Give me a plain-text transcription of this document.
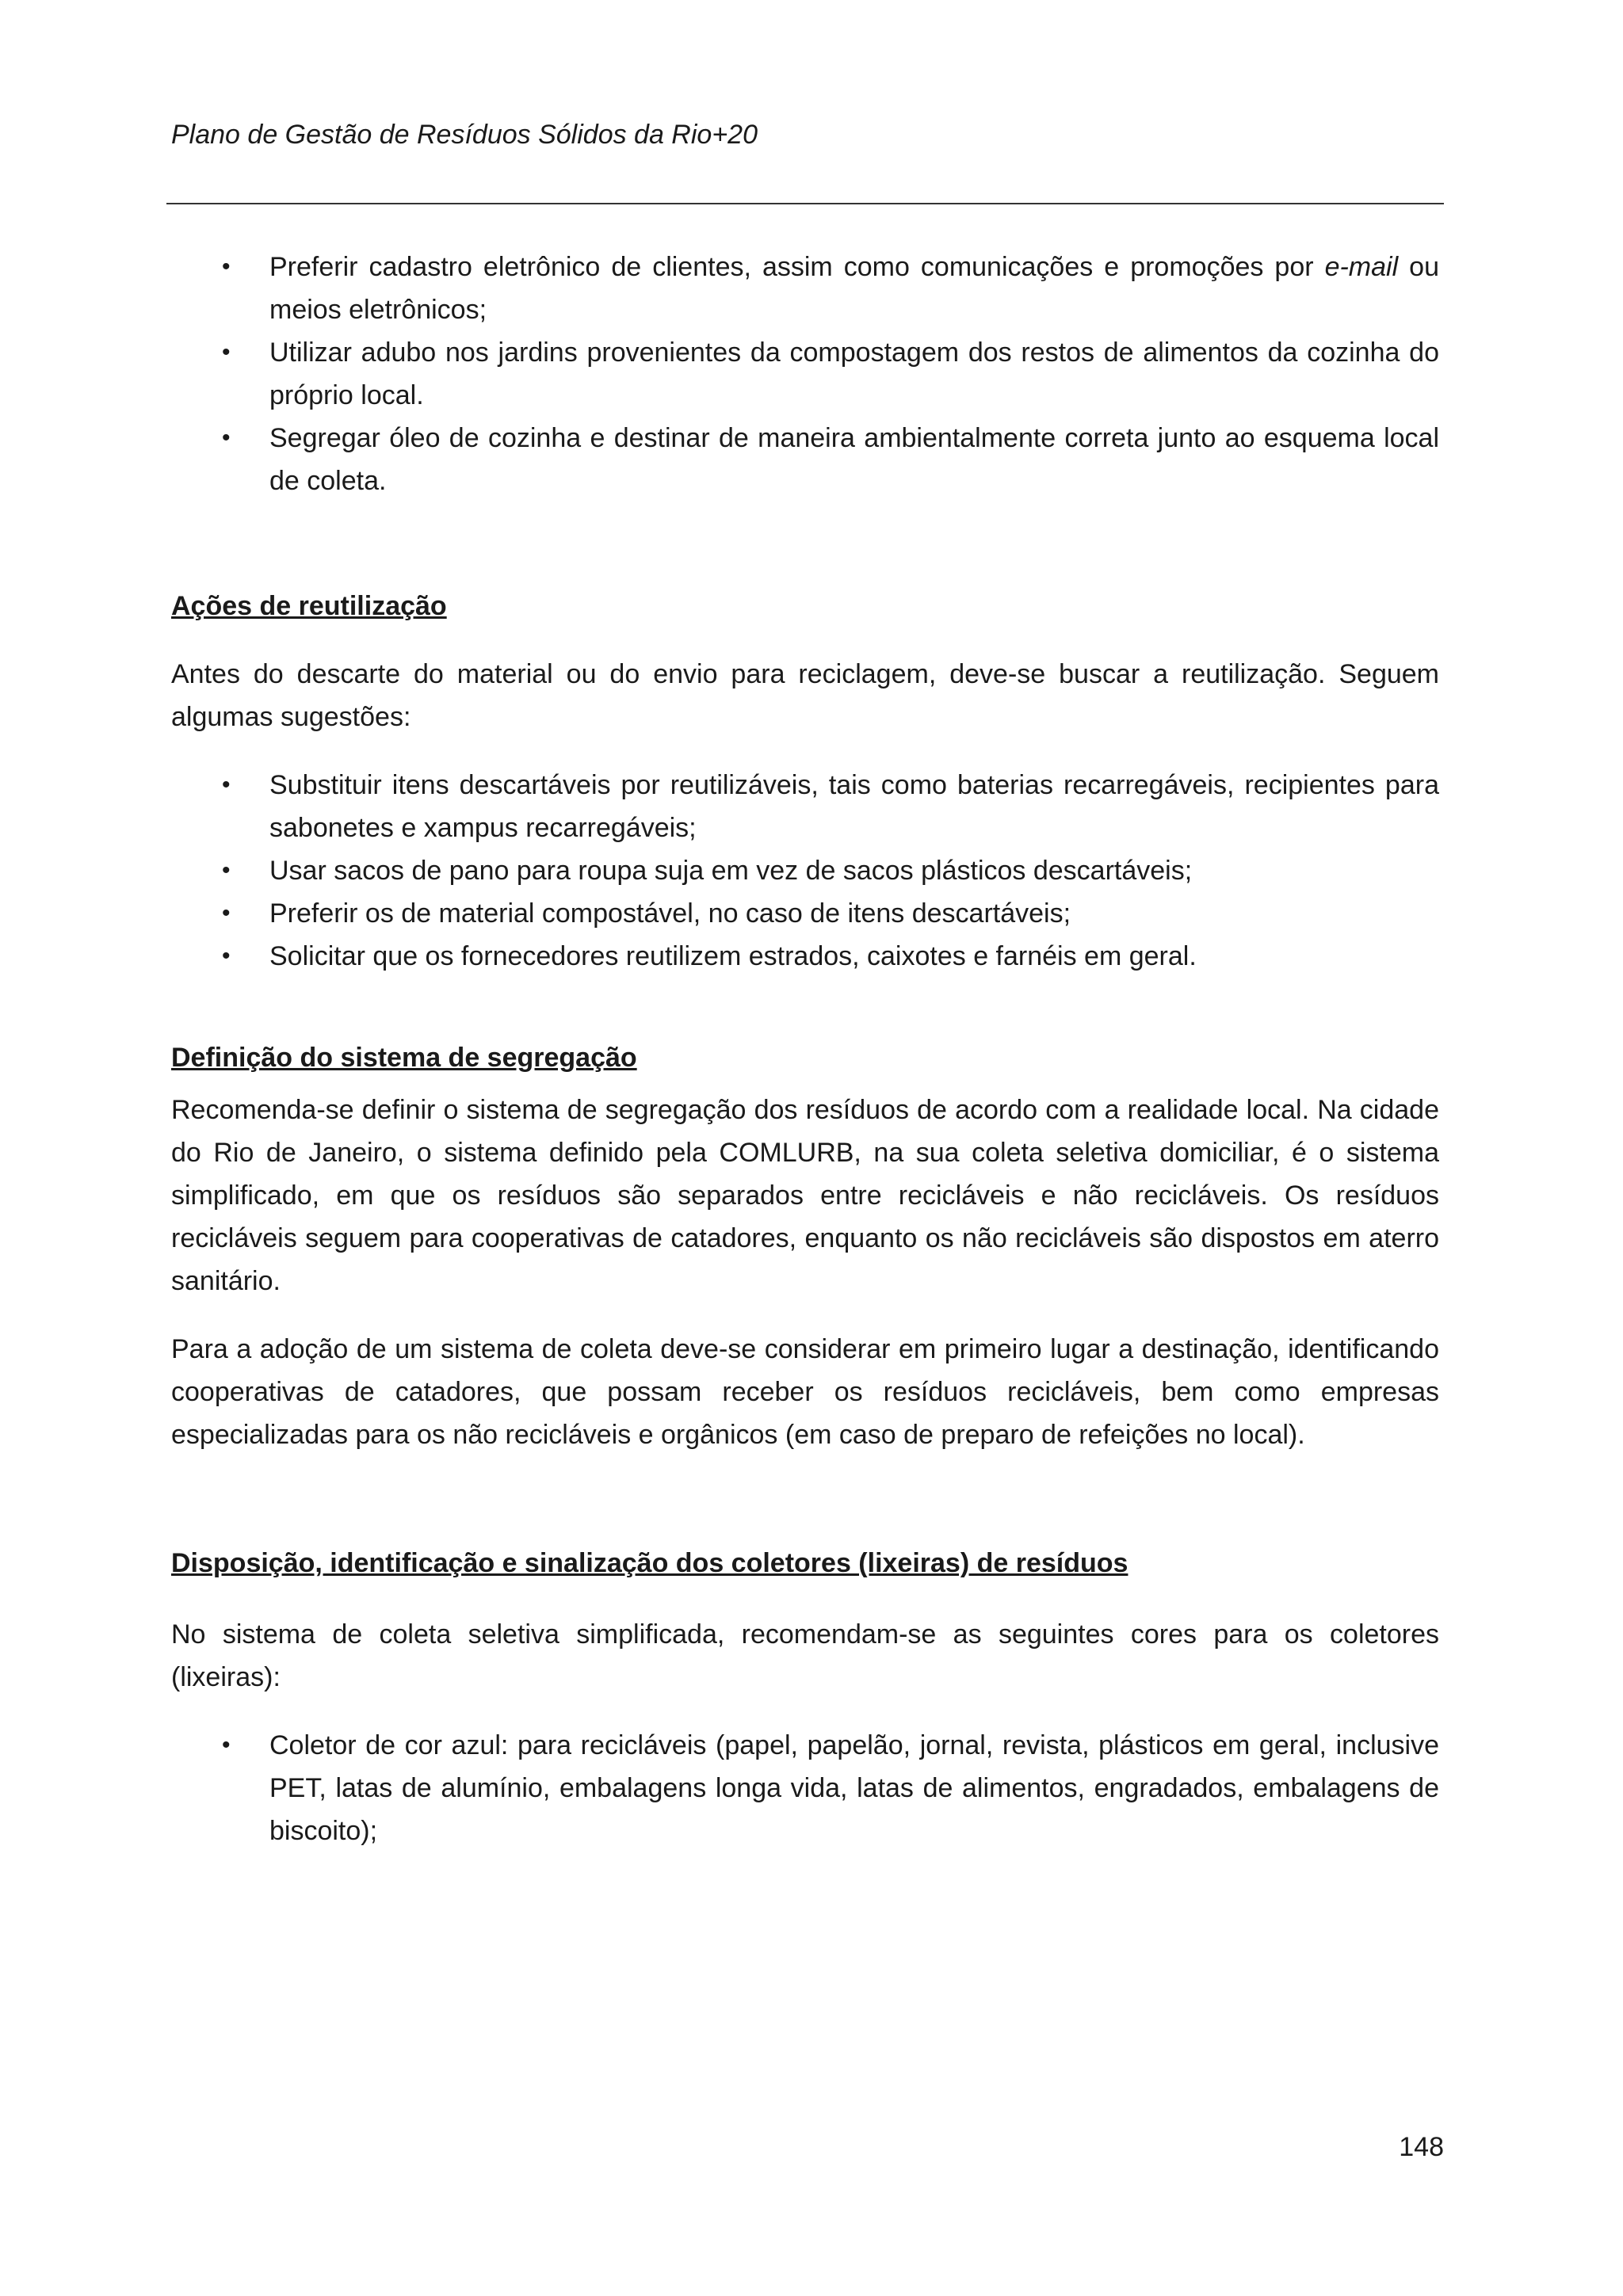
Plano de Gestão de Resíduos Sólidos da Rio+20
• Preferir cadastro eletrônico de clientes, assim como comunicações e promoções por e-mail ou meios eletrônicos;
• Utilizar adubo nos jardins provenientes da compostagem dos restos de alimentos da cozinha do próprio local.
• Segregar óleo de cozinha e destinar de maneira ambientalmente correta junto ao esquema local de coleta.

Ações de reutilização

Antes do descarte do material ou do envio para reciclagem, deve-se buscar a reutilização. Seguem algumas sugestões:

• Substituir itens descartáveis por reutilizáveis, tais como baterias recarregáveis, recipientes para sabonetes e xampus recarregáveis;
• Usar sacos de pano para roupa suja em vez de sacos plásticos descartáveis;
• Preferir os de material compostável, no caso de itens descartáveis;
• Solicitar que os fornecedores reutilizem estrados, caixotes e farnéis em geral.

Definição do sistema de segregação

Recomenda-se definir o sistema de segregação dos resíduos de acordo com a realidade local. Na cidade do Rio de Janeiro, o sistema definido pela COMLURB, na sua coleta seletiva domiciliar, é o sistema simplificado, em que os resíduos são separados entre recicláveis e não recicláveis. Os resíduos recicláveis seguem para cooperativas de catadores, enquanto os não recicláveis são dispostos em aterro sanitário.

Para a adoção de um sistema de coleta deve-se considerar em primeiro lugar a destinação, identificando cooperativas de catadores, que possam receber os resíduos recicláveis, bem como empresas especializadas para os não recicláveis e orgânicos (em caso de preparo de refeições no local).

Disposição, identificação e sinalização dos coletores (lixeiras) de resíduos

No sistema de coleta seletiva simplificada, recomendam-se as seguintes cores para os coletores (lixeiras):

• Coletor de cor azul: para recicláveis (papel, papelão, jornal, revista, plásticos em geral, inclusive PET, latas de alumínio, embalagens longa vida, latas de alimentos, engradados, embalagens de biscoito);
148
